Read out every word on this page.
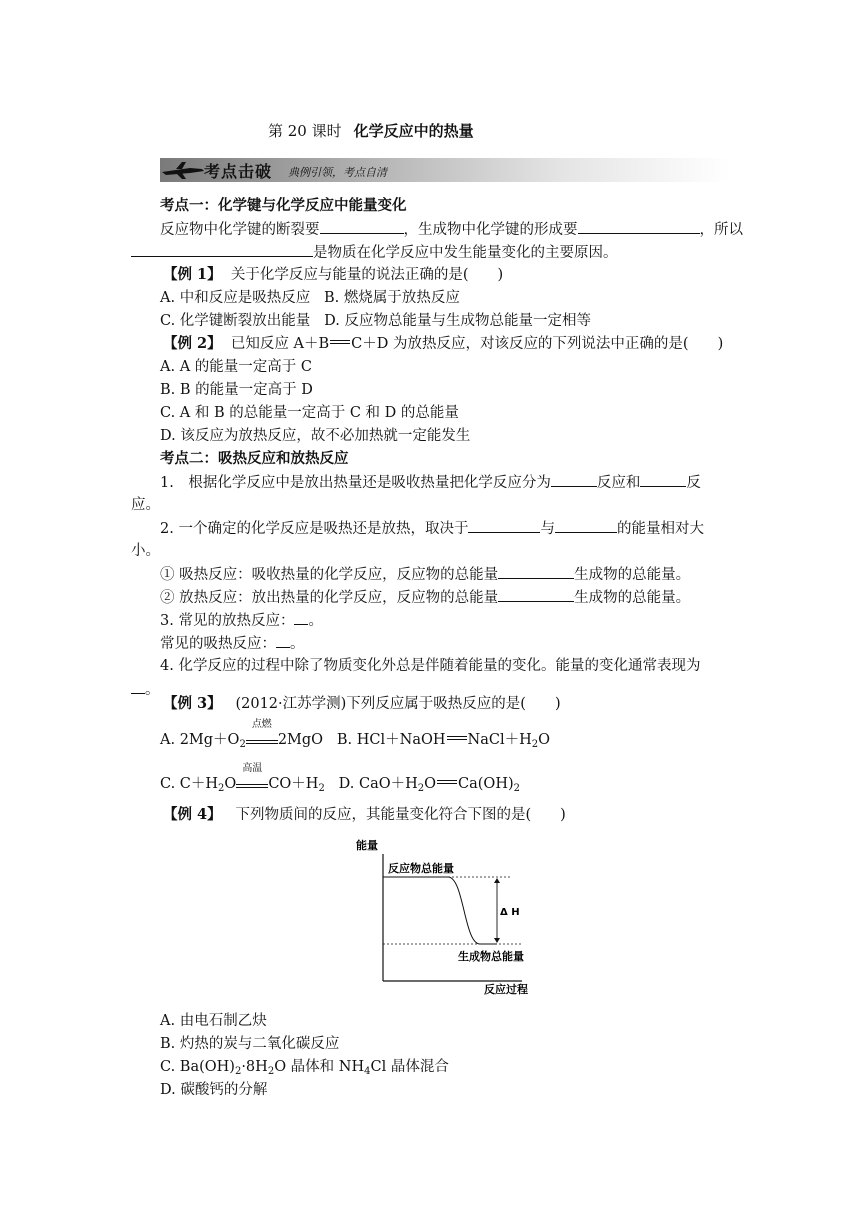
第 20 课时 化学反应中的热量
考点击破 典例引领，考点自清
考点一：化学键与化学反应中能量变化
反应物中化学键的断裂要	，生成物中化学键的形成要	，所以
是物质在化学反应中发生能量变化的主要原因。
【例 1】 关于化学反应与能量的说法正确的是(　　)
A. 中和反应是吸热反应 B. 燃烧属于放热反应
C. 化学键断裂放出能量 D. 反应物总能量与生成物总能量一定相等
【例 2】 已知反应 A＋B C＋D 为放热反应，对该反应的下列说法中正确的是(　　)
A. A 的能量一定高于 C
B. B 的能量一定高于 D
C. A 和 B 的总能量一定高于 C 和 D 的总能量
D. 该反应为放热反应，故不必加热就一定能发生
考点二：吸热反应和放热反应
1.　根据化学反应中是放出热量还是吸收热量把化学反应分为	反应和	反
应。
2. 一个确定的化学反应是吸热还是放热，取决于	与	的能量相对大
小。
① 吸热反应：吸收热量的化学反应，反应物的总能量	生成物的总能量。
② 放热反应：放出热量的化学反应，反应物的总能量	生成物的总能量。
3. 常见的放热反应： 。
常见的吸热反应： 。
4. 化学反应的过程中除了物质变化外总是伴随着能量的变化。能量的变化通常表现为
。
【例 3】 (2012·江苏学测)下列反应属于吸热反应的是(　　)
A. $2Mg+O_2$
点燃
2MgO B. HCl＋NaOH $NaCl+H_2O$
C. $C+H_2O$
高温
$CO+H_2$ D. $CaO+H_2O$ $Ca(OH)_2$
【例 4】 下列物质间的反应，其能量变化符合下图的是(　　)
能量
反应物总能量
生成物总能量
Δ H
反应过程
A. 由电石制乙炔
B. 灼热的炭与二氧化碳反应
C. $Ba(OH)_2\cdot 8H_2O$ 晶体和 $NH_4Cl$ 晶体混合
D. 碳酸钙的分解
